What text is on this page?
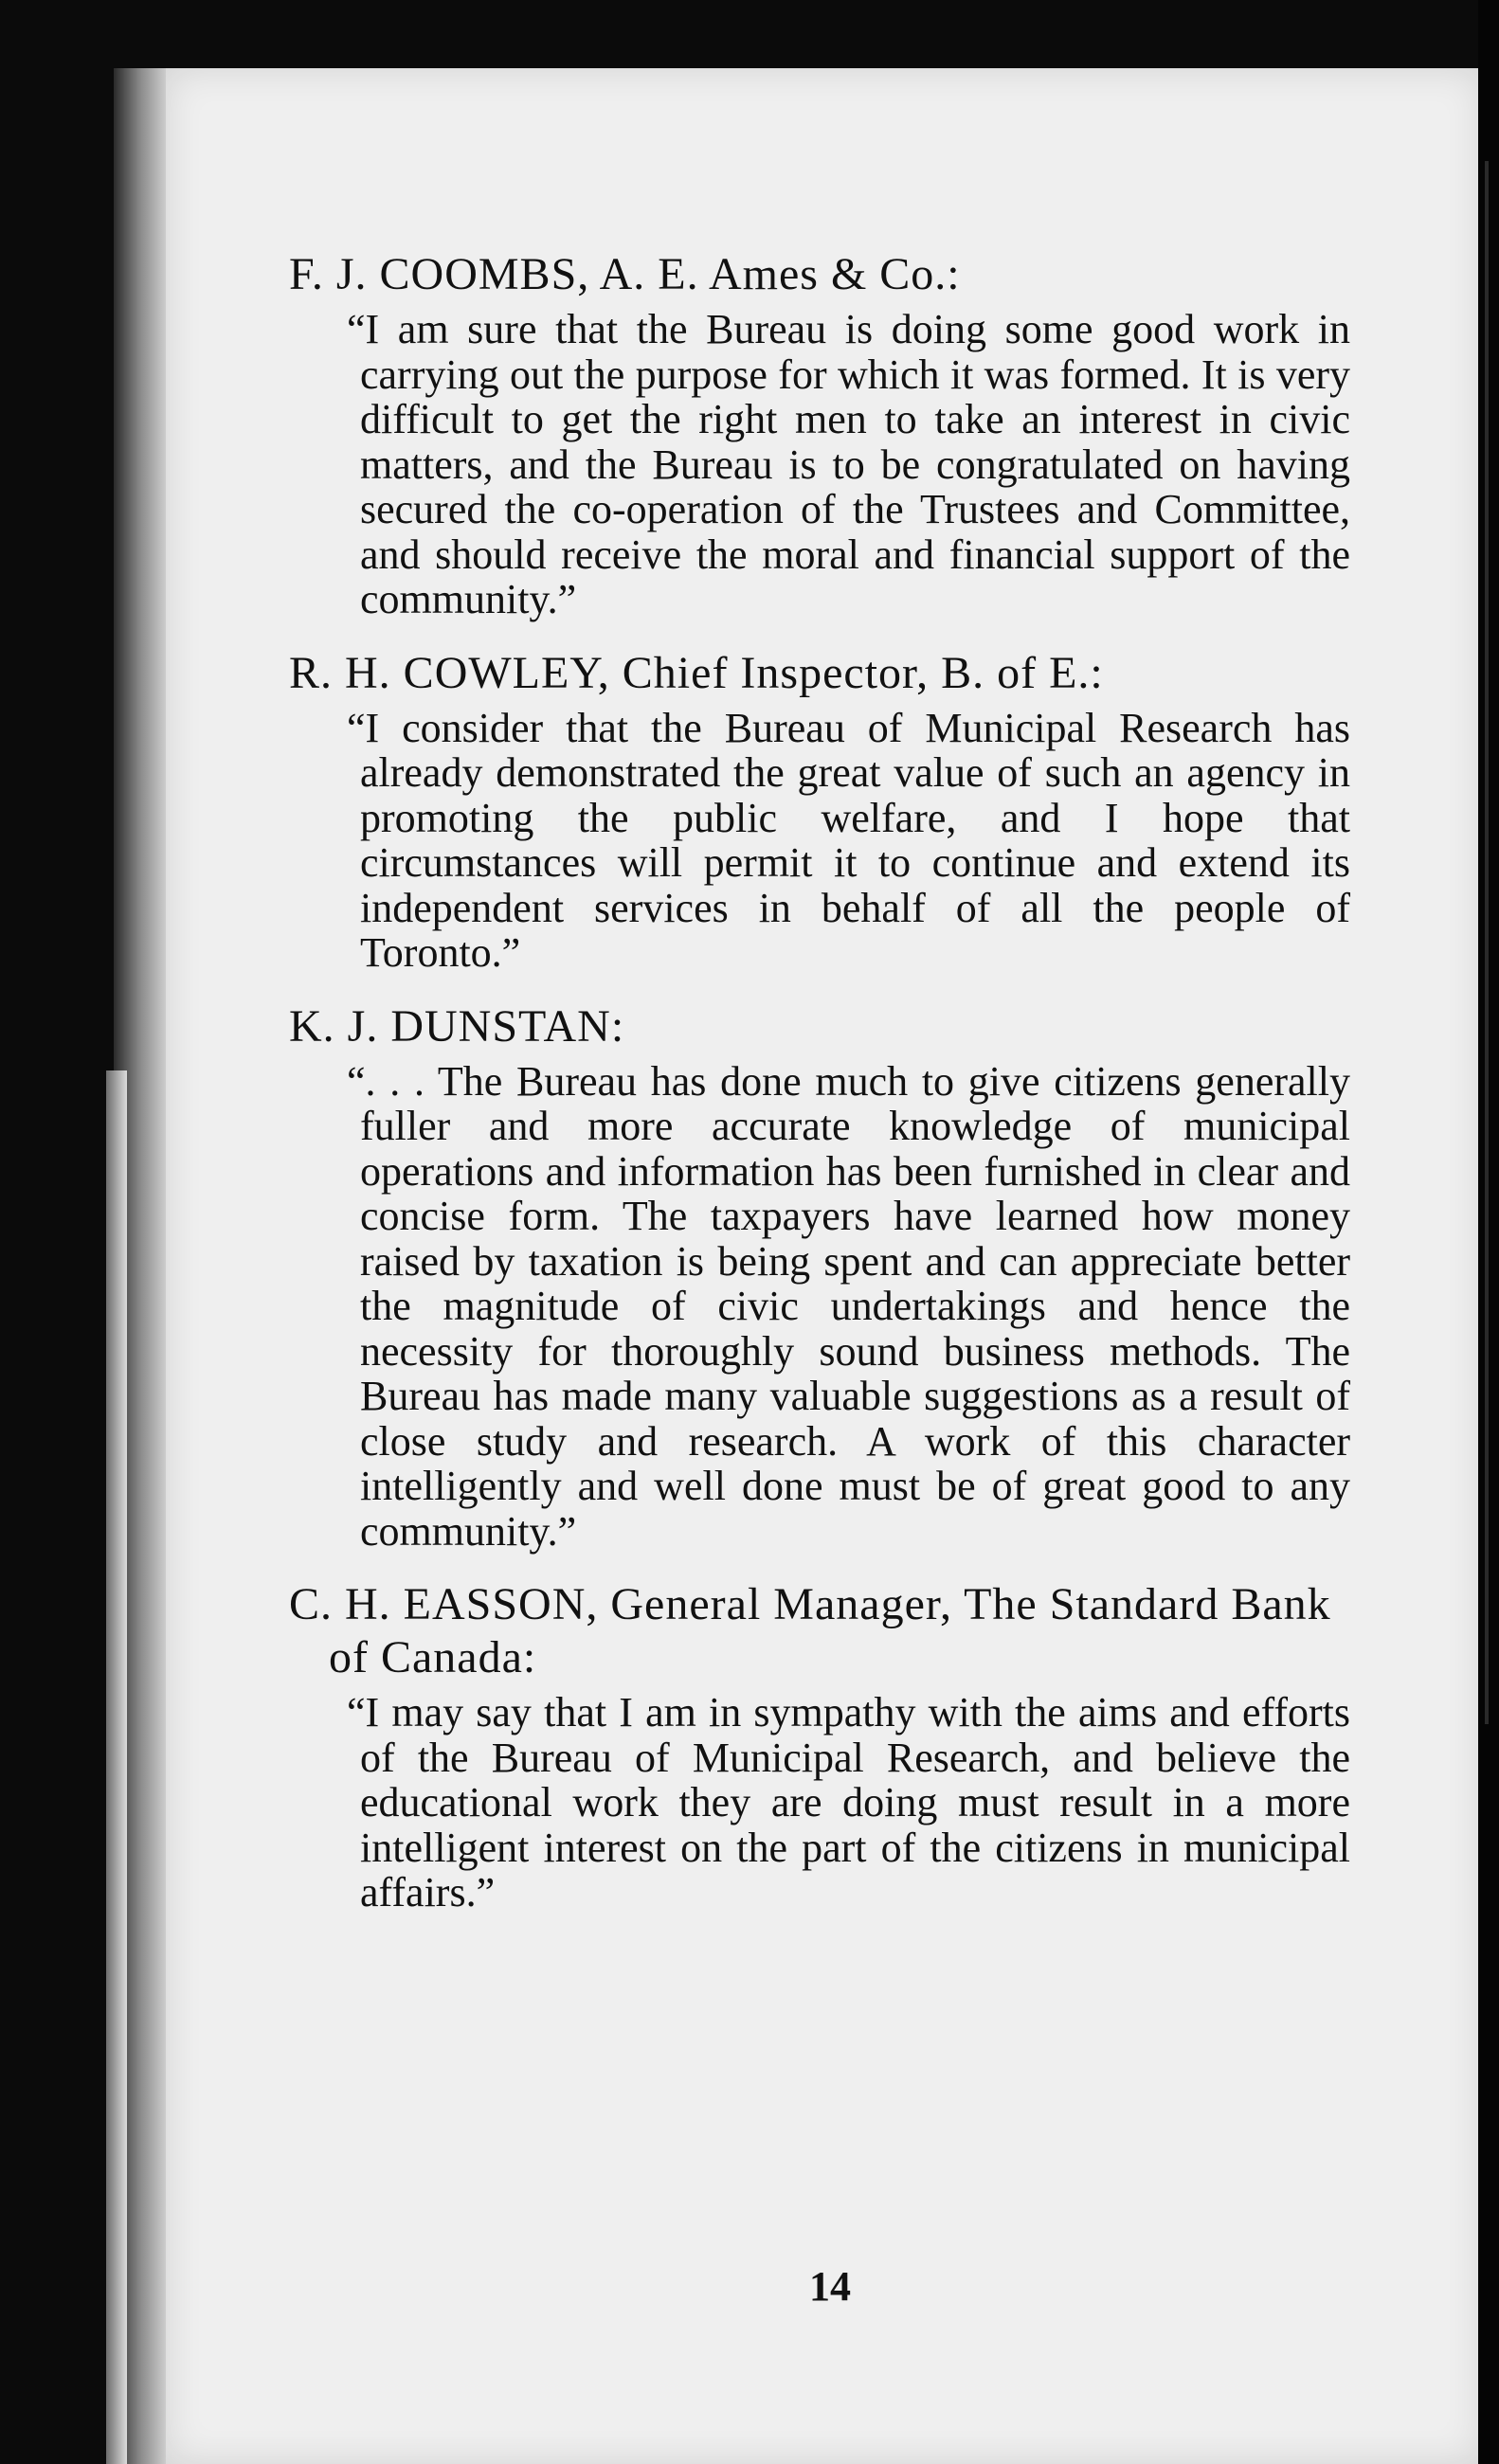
F. J. COOMBS, A. E. Ames & Co.:

“I am sure that the Bureau is doing some good work in carrying out the purpose for which it was formed. It is very difficult to get the right men to take an interest in civic matters, and the Bureau is to be congratulated on having secured the co-operation of the Trustees and Committee, and should receive the moral and financial support of the community.”

R. H. COWLEY, Chief Inspector, B. of E.:

“I consider that the Bureau of Municipal Research has already demonstrated the great value of such an agency in promoting the public welfare, and I hope that circumstances will permit it to continue and extend its independent services in behalf of all the people of Toronto.”

K. J. DUNSTAN:

“. . . The Bureau has done much to give citizens generally fuller and more accurate knowledge of municipal operations and information has been furnished in clear and concise form. The taxpayers have learned how money raised by taxation is being spent and can appreciate better the magnitude of civic undertakings and hence the necessity for thoroughly sound business methods. The Bureau has made many valuable suggestions as a result of close study and research. A work of this character intelligently and well done must be of great good to any community.”

C. H. EASSON, General Manager, The Standard Bank of Canada:

“I may say that I am in sympathy with the aims and efforts of the Bureau of Municipal Research, and believe the educational work they are doing must result in a more intelligent interest on the part of the citizens in municipal affairs.”

14
